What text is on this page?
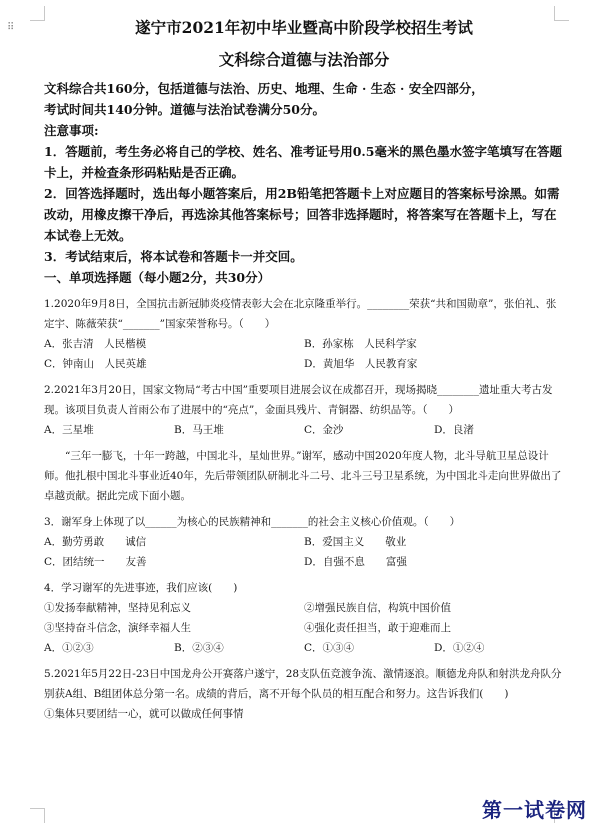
⠿	遂宁市2021年初中毕业暨高中阶段学校招生考试
文科综合道德与法治部分
文科综合共160分，包括道德与法治、历史、地理、生命 · 生态 · 安全四部分，
考试时间共140分钟。道德与法治试卷满分50分。
注意事项:
1．答题前，考生务必将自己的学校、姓名、准考证号用0.5毫米的黑色墨水签字笔填写在答题卡上，并检查条形码粘贴是否正确。
2．回答选择题时，选出每小题答案后，用2B铅笔把答题卡上对应题目的答案标号涂黑。如需改动，用橡皮擦干净后，再选涂其他答案标号；回答非选择题时，将答案写在答题卡上，写在本试卷上无效。
3．考试结束后，将本试卷和答题卡一并交回。
一、单项选择题（每小题2分，共30分）
1.2020年9月8日，全国抗击新冠肺炎疫情表彰大会在北京隆重举行。________荣获“共和国勋章”，张伯礼、张定宇、陈薇荣获“_______”国家荣誉称号。（　　）
A．张吉清　人民楷模	B．孙家栋　人民科学家
C．钟南山　人民英雄	D．黄旭华　人民教育家
2.2021年3月20日，国家文物局“考古中国”重要项目进展会议在成都召开，现场揭晓________遗址重大考古发现。该项目负责人首雨公布了进展中的“亮点”，金面具残片、青铜器、纺织品等。（　　）
A．三星堆	B．马王堆	C．金沙	D．良渚
“三年一膨飞，十年一跨越，中国北斗，星灿世界。”谢军，感动中国2020年度人物，北斗导航卫星总设计师。他扎根中国北斗事业近40年，先后带领团队研制北斗二号、北斗三号卫星系统，为中国北斗走向世界做出了卓越贡献。据此完成下面小题。
3．谢军身上体现了以______为核心的民族精神和_______的社会主义核心价值观。（　　）
A．勤劳勇敢　　诚信	B．爱国主义　　敬业
C．团结统一　　友善	D．自强不息　　富强
4．学习谢军的先进事迹，我们应该(　　)
①发扬奉献精神，坚持见利忘义	②增强民族自信，构筑中国价值
③坚持奋斗信念，演绎幸福人生	④强化责任担当，敢于迎难而上
A．①②③	B．②③④	C．①③④	D．①②④
5.2021年5月22日-23日中国龙舟公开赛落户遂宁，28支队伍竞渡争流、激情逐浪。顺德龙舟队和射洪龙舟队分别获A组、B组团体总分第一名。成绩的背后，离不开每个队员的相互配合和努力。这告诉我们(　　)
①集体只要团结一心，就可以做成任何事情
第一试卷网
